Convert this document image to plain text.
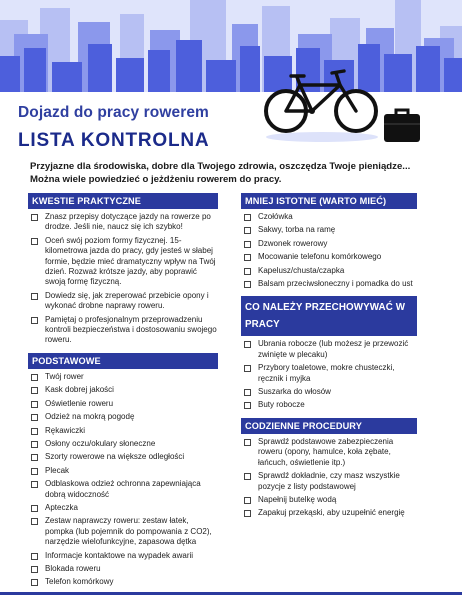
Dojazd do pracy rowerem
LISTA KONTROLNA
Przyjazne dla środowiska, dobre dla Twojego zdrowia, oszczędza Twoje pieniądze... Można wiele powiedzieć o jeżdżeniu rowerem do pracy.
KWESTIE PRAKTYCZNE
Znasz przepisy dotyczące jazdy na rowerze po drodze. Jeśli nie, naucz się ich szybko!
Oceń swój poziom formy fizycznej. 15-kilometrowa jazda do pracy, gdy jesteś w słabej formie, będzie mieć dramatyczny wpływ na Twój dzień. Rozważ krótsze jazdy, aby poprawić swoją formę fizyczną.
Dowiedz się, jak zreperować przebicie opony i wykonać drobne naprawy roweru.
Pamiętaj o profesjonalnym przeprowadzeniu kontroli bezpieczeństwa i dostosowaniu swojego roweru.
PODSTAWOWE
Twój rower
Kask dobrej jakości
Oświetlenie roweru
Odzież na mokrą pogodę
Rękawiczki
Osłony oczu/okulary słoneczne
Szorty rowerowe na większe odległości
Plecak
Odblaskowa odzież ochronna zapewniająca dobrą widoczność
Apteczka
Zestaw naprawczy roweru: zestaw łatek, pompka (lub pojemnik do pompowania z CO2), narzędzie wielofunkcyjne, zapasowa dętka
Informacje kontaktowe na wypadek awarii
Blokada roweru
Telefon komórkowy
MNIEJ ISTOTNE (WARTO MIEĆ)
Czołówka
Sakwy, torba na ramę
Dzwonek rowerowy
Mocowanie telefonu komórkowego
Kapelusz/chusta/czapka
Balsam przeciwsłoneczny i pomadka do ust
CO NALEŻY PRZECHOWYWAĆ W PRACY
Ubrania robocze (lub możesz je przewozić zwinięte w plecaku)
Przybory toaletowe, mokre chusteczki, ręcznik i myjka
Suszarka do włosów
Buty robocze
CODZIENNE PROCEDURY
Sprawdź podstawowe zabezpieczenia roweru (opony, hamulce, koła zębate, łańcuch, oświetlenie itp.)
Sprawdź dokładnie, czy masz wszystkie pozycje z listy podstawowej
Napełnij butelkę wodą
Zapakuj przekąski, aby uzupełnić energię
